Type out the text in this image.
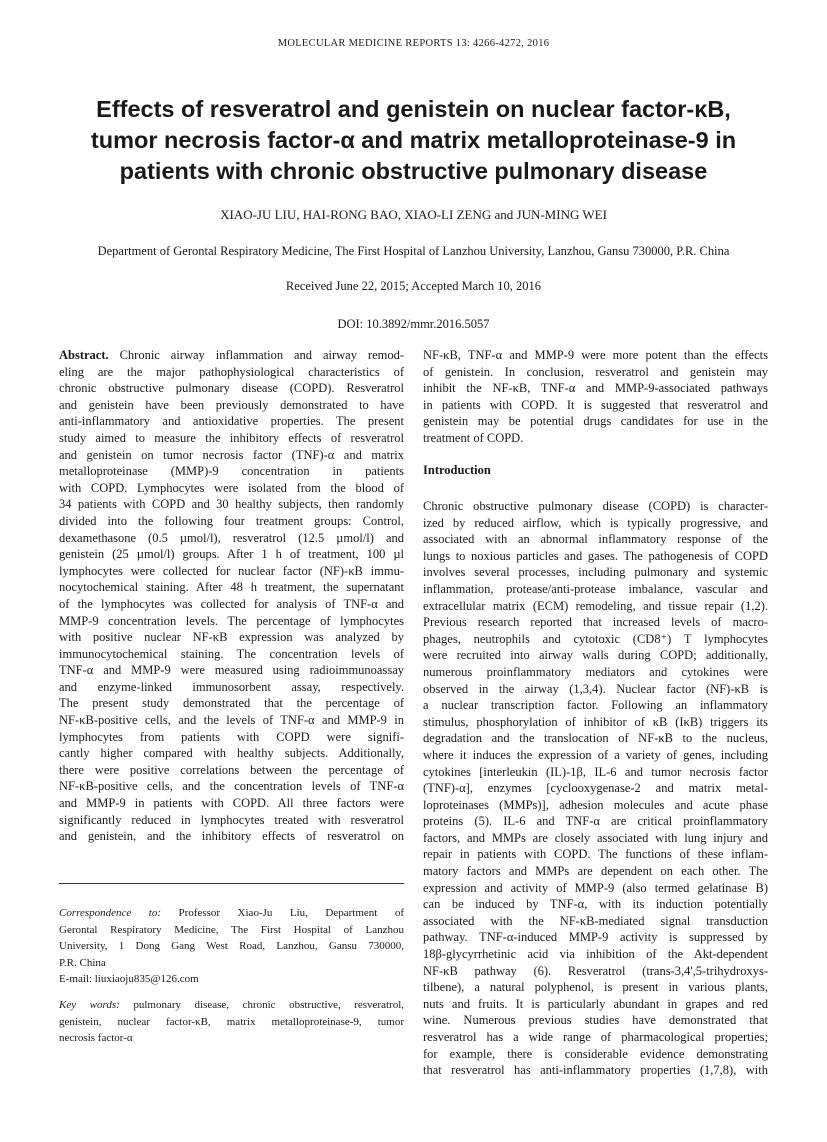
MOLECULAR MEDICINE REPORTS 13: 4266-4272, 2016
Effects of resveratrol and genistein on nuclear factor-κB,
tumor necrosis factor-α and matrix metalloproteinase-9 in
patients with chronic obstructive pulmonary disease
XIAO-JU LIU, HAI-RONG BAO, XIAO-LI ZENG and JUN-MING WEI
Department of Gerontal Respiratory Medicine, The First Hospital of Lanzhou University, Lanzhou, Gansu 730000, P.R. China
Received June 22, 2015; Accepted March 10, 2016
DOI: 10.3892/mmr.2016.5057
Abstract. Chronic airway inflammation and airway remod-
eling are the major pathophysiological characteristics of
chronic obstructive pulmonary disease (COPD). Resveratrol
and genistein have been previously demonstrated to have
anti-inflammatory and antioxidative properties. The present
study aimed to measure the inhibitory effects of resveratrol
and genistein on tumor necrosis factor (TNF)-α and matrix
metalloproteinase (MMP)-9 concentration in patients
with COPD. Lymphocytes were isolated from the blood of
34 patients with COPD and 30 healthy subjects, then randomly
divided into the following four treatment groups: Control,
dexamethasone (0.5 µmol/l), resveratrol (12.5 µmol/l) and
genistein (25 µmol/l) groups. After 1 h of treatment, 100 µl
lymphocytes were collected for nuclear factor (NF)-κB immu-
nocytochemical staining. After 48 h treatment, the supernatant
of the lymphocytes was collected for analysis of TNF-α and
MMP-9 concentration levels. The percentage of lymphocytes
with positive nuclear NF-κB expression was analyzed by
immunocytochemical staining. The concentration levels of
TNF-α and MMP-9 were measured using radioimmunoassay
and enzyme-linked immunosorbent assay, respectively.
The present study demonstrated that the percentage of
NF-κB-positive cells, and the levels of TNF-α and MMP-9 in
lymphocytes from patients with COPD were signifi-
cantly higher compared with healthy subjects. Additionally,
there were positive correlations between the percentage of
NF-κB-positive cells, and the concentration levels of TNF-α
and MMP-9 in patients with COPD. All three factors were
significantly reduced in lymphocytes treated with resveratrol
and genistein, and the inhibitory effects of resveratrol on
NF-κB, TNF-α and MMP-9 were more potent than the effects
of genistein. In conclusion, resveratrol and genistein may
inhibit the NF-κB, TNF-α and MMP-9-associated pathways
in patients with COPD. It is suggested that resveratrol and
genistein may be potential drugs candidates for use in the
treatment of COPD.
Introduction
Chronic obstructive pulmonary disease (COPD) is character-
ized by reduced airflow, which is typically progressive, and
associated with an abnormal inflammatory response of the
lungs to noxious particles and gases. The pathogenesis of COPD
involves several processes, including pulmonary and systemic
inflammation, protease/anti-protease imbalance, vascular and
extracellular matrix (ECM) remodeling, and tissue repair (1,2).
Previous research reported that increased levels of macro-
phages, neutrophils and cytotoxic (CD8⁺) T lymphocytes
were recruited into airway walls during COPD; additionally,
numerous proinflammatory mediators and cytokines were
observed in the airway (1,3,4). Nuclear factor (NF)-κB is
a nuclear transcription factor. Following an inflammatory
stimulus, phosphorylation of inhibitor of κB (IκB) triggers its
degradation and the translocation of NF-κB to the nucleus,
where it induces the expression of a variety of genes, including
cytokines [interleukin (IL)-1β, IL-6 and tumor necrosis factor
(TNF)-α], enzymes [cyclooxygenase-2 and matrix metal-
loproteinases (MMPs)], adhesion molecules and acute phase
proteins (5). IL-6 and TNF-α are critical proinflammatory
factors, and MMPs are closely associated with lung injury and
repair in patients with COPD. The functions of these inflam-
matory factors and MMPs are dependent on each other. The
expression and activity of MMP-9 (also termed gelatinase B)
can be induced by TNF-α, with its induction potentially
associated with the NF-κB-mediated signal transduction
pathway. TNF-α-induced MMP-9 activity is suppressed by
18β-glycyrrhetinic acid via inhibition of the Akt-dependent
NF-κB pathway (6). Resveratrol (trans-3,4',5-trihydroxys-
tilbene), a natural polyphenol, is present in various plants,
nuts and fruits. It is particularly abundant in grapes and red
wine. Numerous previous studies have demonstrated that
resveratrol has a wide range of pharmacological properties;
for example, there is considerable evidence demonstrating
that resveratrol has anti-inflammatory properties (1,7,8), with
Correspondence to: Professor Xiao-Ju Liu, Department of
Gerontal Respiratory Medicine, The First Hospital of Lanzhou
University, 1 Dong Gang West Road, Lanzhou, Gansu 730000,
P.R. China
E-mail: liuxiaoju835@126.com
Key words: pulmonary disease, chronic obstructive, resveratrol,
genistein, nuclear factor-κB, matrix metalloproteinase-9, tumor
necrosis factor-α
